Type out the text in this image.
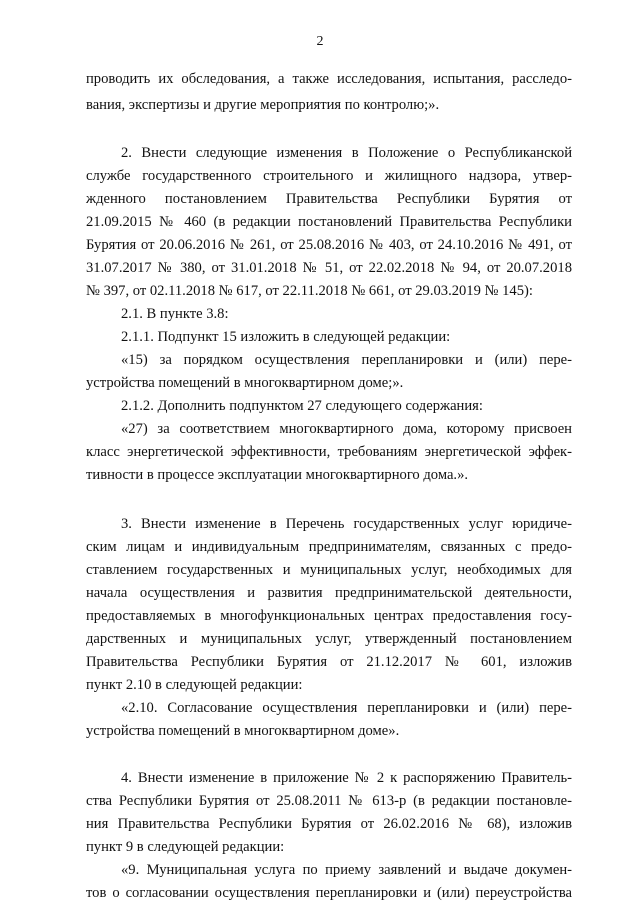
2
проводить их обследования, а также исследования, испытания, расследо-
вания, экспертизы и другие мероприятия по контролю;».
2. Внести следующие изменения в Положение о Республиканской
службе государственного строительного и жилищного надзора, утвер-
жденного постановлением Правительства Республики Бурятия от
21.09.2015 № 460 (в редакции постановлений Правительства Республики
Бурятия от 20.06.2016 № 261, от 25.08.2016 № 403, от 24.10.2016 № 491, от
31.07.2017 № 380, от 31.01.2018 № 51, от 22.02.2018 № 94, от 20.07.2018
№ 397, от 02.11.2018 № 617, от 22.11.2018 № 661, от 29.03.2019 № 145):
2.1. В пункте 3.8:
2.1.1. Подпункт 15 изложить в следующей редакции:
«15) за порядком осуществления перепланировки и (или) пере-
устройства помещений в многоквартирном доме;».
2.1.2. Дополнить подпунктом 27 следующего содержания:
«27) за соответствием многоквартирного дома, которому присвоен
класс энергетической эффективности, требованиям энергетической эффек-
тивности в процессе эксплуатации многоквартирного дома.».
3. Внести изменение в Перечень государственных услуг юридиче-
ским лицам и индивидуальным предпринимателям, связанных с предо-
ставлением государственных и муниципальных услуг, необходимых для
начала осуществления и развития предпринимательской деятельности,
предоставляемых в многофункциональных центрах предоставления госу-
дарственных и муниципальных услуг, утвержденный постановлением
Правительства Республики Бурятия от 21.12.2017 № 601, изложив
пункт 2.10 в следующей редакции:
«2.10. Согласование осуществления перепланировки и (или) пере-
устройства помещений в многоквартирном доме».
4. Внести изменение в приложение № 2 к распоряжению Правитель-
ства Республики Бурятия от 25.08.2011 № 613-р (в редакции постановле-
ния Правительства Республики Бурятия от 26.02.2016 № 68), изложив
пункт 9 в следующей редакции:
«9. Муниципальная услуга по приему заявлений и выдаче докумен-
тов о согласовании осуществления перепланировки и (или) переустройства
